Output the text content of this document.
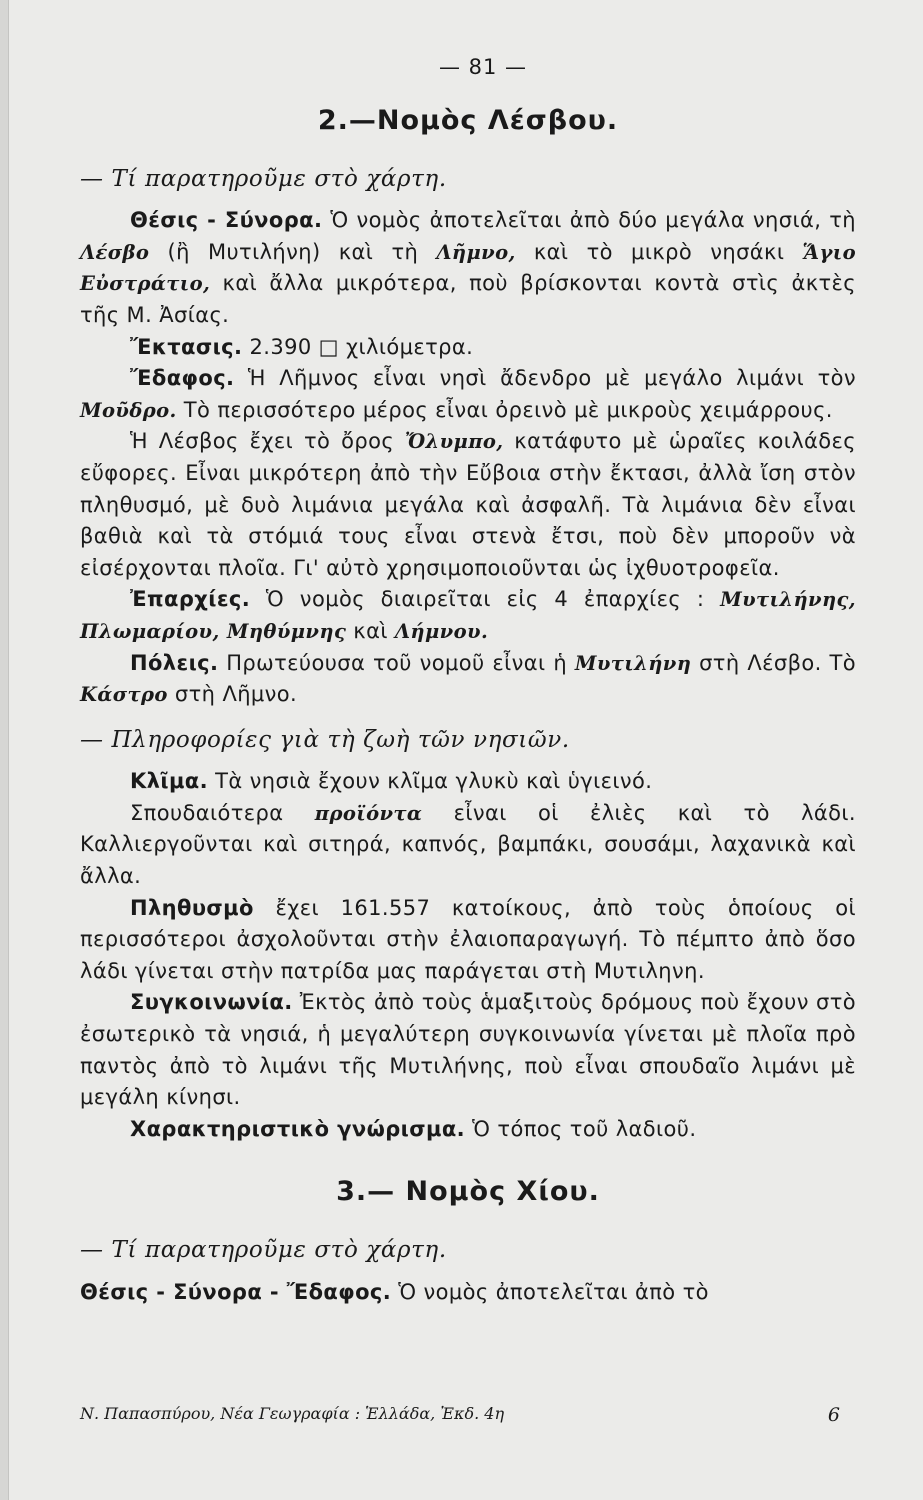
— 81 —
2.—Νομὸς Λέσβου.
— Τί παρατηροῦμε στὸ χάρτη.

Θέσις - Σύνορα. Ὁ νομὸς ἀποτελεῖται ἀπὸ δύο μεγάλα νησιά, τὴ Λέσβο (ἢ Μυτιλήνη) καὶ τὴ Λῆμνο, καὶ τὸ μικρὸ νησάκι Ἅγιο Εὐστράτιο, καὶ ἄλλα μικρότερα, ποὺ βρίσκονται κοντὰ στὶς ἀκτὲς τῆς Μ. Ἀσίας.

Ἔκτασις. 2.390 □ χιλιόμετρα.

Ἔδαφος. Ἡ Λῆμνος εἶναι νησὶ ἄδενδρο μὲ μεγάλο λιμάνι τὸν Μοῦδρο. Τὸ περισσότερο μέρος εἶναι ὀρεινὸ μὲ μικροὺς χειμάρρους.

Ἡ Λέσβος ἔχει τὸ ὄρος Ὄλυμπο, κατάφυτο μὲ ὡραῖες κοιλάδες εὔφορες. Εἶναι μικρότερη ἀπὸ τὴν Εὔβοια στὴν ἔκτασι, ἀλλὰ ἴση στὸν πληθυσμό, μὲ δυὸ λιμάνια μεγάλα καὶ ἀσφαλῆ. Τὰ λιμάνια δὲν εἶναι βαθιὰ καὶ τὰ στόμιά τους εἶναι στενὰ ἔτσι, ποὺ δὲν μποροῦν νὰ εἰσέρχονται πλοῖα. Γι' αὐτὸ χρησιμοποιοῦνται ὡς ἰχθυοτροφεῖα.

Ἐπαρχίες. Ὁ νομὸς διαιρεῖται εἰς 4 ἐπαρχίες : Μυτιλήνης, Πλωμαρίου, Μηθύμνης καὶ Λήμνου.

Πόλεις. Πρωτεύουσα τοῦ νομοῦ εἶναι ἡ Μυτιλήνη στὴ Λέσβο. Τὸ Κάστρο στὴ Λῆμνο.

— Πληροφορίες γιὰ τὴ ζωὴ τῶν νησιῶν.

Κλῖμα. Τὰ νησιὰ ἔχουν κλῖμα γλυκὺ καὶ ὑγιεινό.

Σπουδαιότερα προϊόντα εἶναι οἱ ἐλιὲς καὶ τὸ λάδι. Καλλιεργοῦνται καὶ σιτηρά, καπνός, βαμπάκι, σουσάμι, λαχανικὰ καὶ ἄλλα.

Πληθυσμὸ ἔχει 161.557 κατοίκους, ἀπὸ τοὺς ὁποίους οἱ περισσότεροι ἀσχολοῦνται στὴν ἐλαιοπαραγωγή. Τὸ πέμπτο ἀπὸ ὅσο λάδι γίνεται στὴν πατρίδα μας παράγεται στὴ Μυτιληνη.

Συγκοινωνία. Ἐκτὸς ἀπὸ τοὺς ἁμαξιτοὺς δρόμους ποὺ ἔχουν στὸ ἐσωτερικὸ τὰ νησιά, ἡ μεγαλύτερη συγκοινωνία γίνεται μὲ πλοῖα πρὸ παντὸς ἀπὸ τὸ λιμάνι τῆς Μυτιλήνης, ποὺ εἶναι σπουδαῖο λιμάνι μὲ μεγάλη κίνησι.

Χαρακτηριστικὸ γνώρισμα. Ὁ τόπος τοῦ λαδιοῦ.

3.— Νομὸς Χίου.
— Τί παρατηροῦμε στὸ χάρτη.

Θέσις - Σύνορα - Ἔδαφος. Ὁ νομὸς ἀποτελεῖται ἀπὸ τὸ

Ν. Παπασπύρου, Νέα Γεωγραφία : Ἑλλάδα, Ἐκδ. 4η	6
